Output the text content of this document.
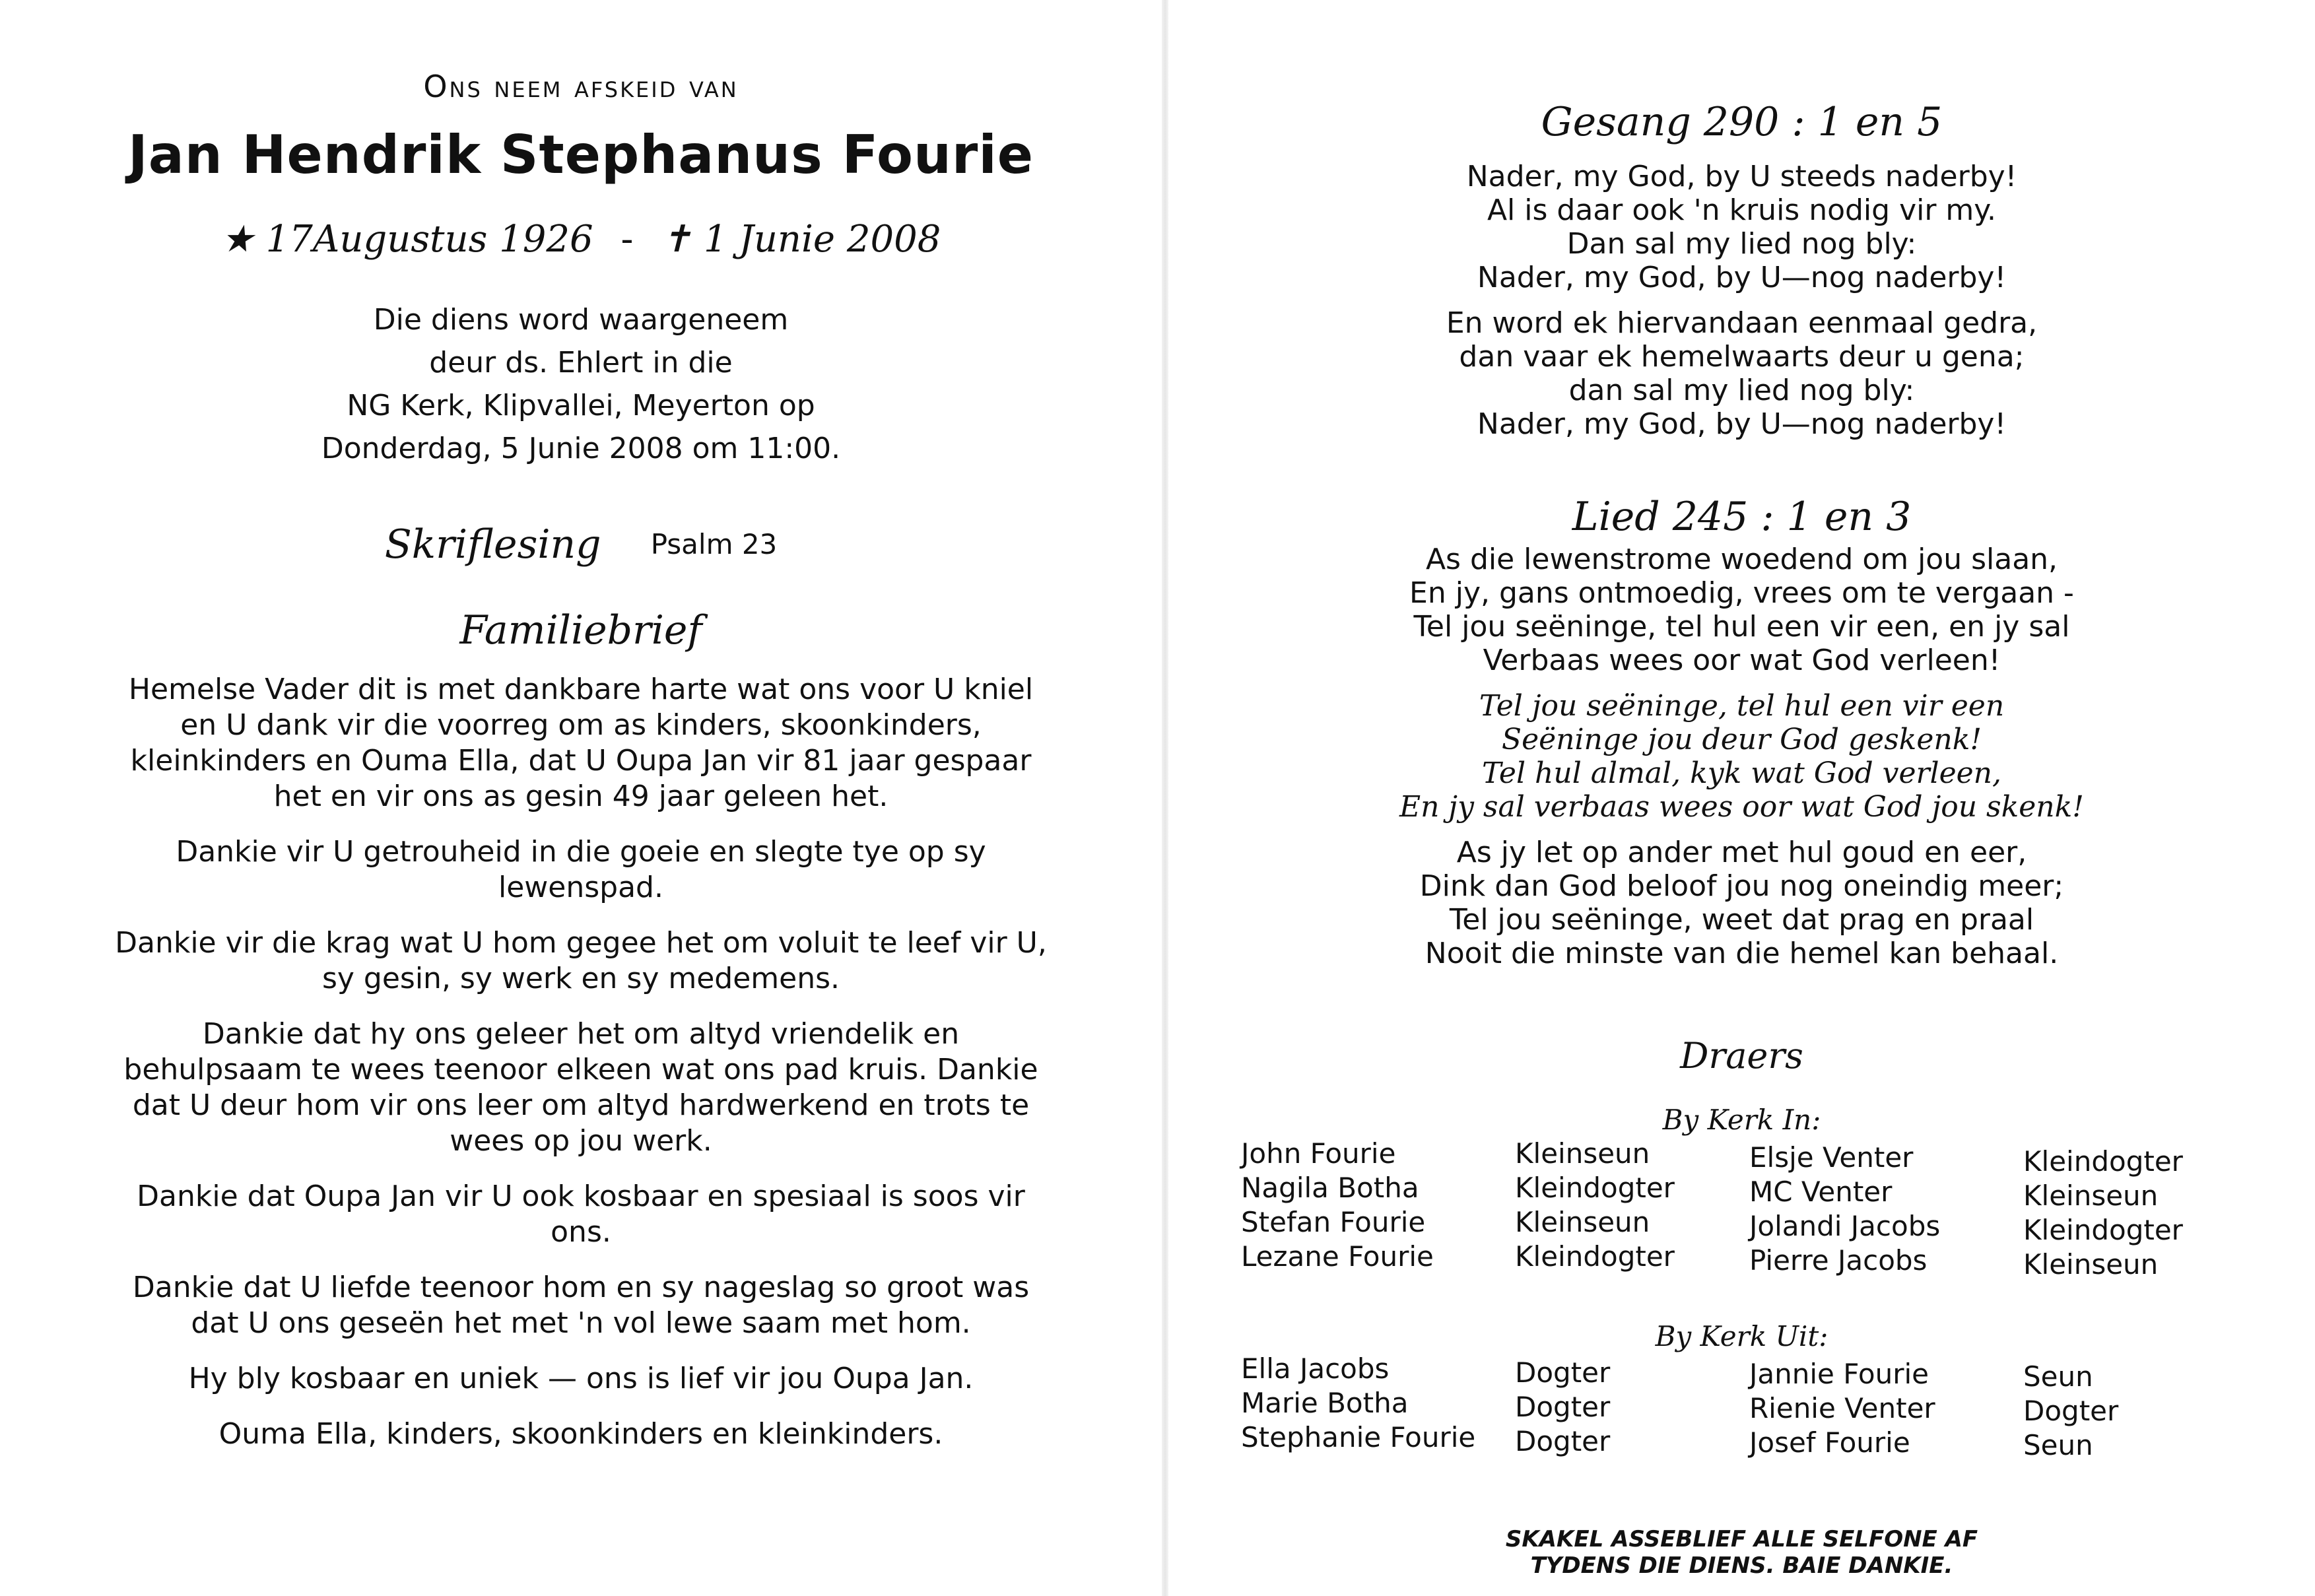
Ons neem afskeid van
Jan Hendrik Stephanus Fourie
★ 17Augustus 1926 - ✝ 1 Junie 2008
Die diens word waargeneem
deur ds. Ehlert in die
NG Kerk, Klipvallei, Meyerton op
Donderdag, 5 Junie 2008 om 11:00.
Skriflesing Psalm 23
Familiebrief

Hemelse Vader dit is met dankbare harte wat ons voor U kniel en U dank vir die voorreg om as kinders, skoonkinders, kleinkinders en Ouma Ella, dat U Oupa Jan vir 81 jaar gespaar het en vir ons as gesin 49 jaar geleen het.

Dankie vir U getrouheid in die goeie en slegte tye op sy lewenspad.

Dankie vir die krag wat U hom gegee het om voluit te leef vir U, sy gesin, sy werk en sy medemens.

Dankie dat hy ons geleer het om altyd vriendelik en behulpsaam te wees teenoor elkeen wat ons pad kruis. Dankie dat U deur hom vir ons leer om altyd hardwerkend en trots te wees op jou werk.

Dankie dat Oupa Jan vir U ook kosbaar en spesiaal is soos vir ons.

Dankie dat U liefde teenoor hom en sy nageslag so groot was dat U ons geseën het met 'n vol lewe saam met hom.

Hy bly kosbaar en uniek — ons is lief vir jou Oupa Jan.

Ouma Ella, kinders, skoonkinders en kleinkinders.

Gesang 290 : 1 en 5
Nader, my God, by U steeds naderby!
Al is daar ook 'n kruis nodig vir my.
Dan sal my lied nog bly:
Nader, my God, by U—nog naderby!
En word ek hiervandaan eenmaal gedra,
dan vaar ek hemelwaarts deur u gena;
dan sal my lied nog bly:
Nader, my God, by U—nog naderby!
Lied 245 : 1 en 3
As die lewenstrome woedend om jou slaan,
En jy, gans ontmoedig, vrees om te vergaan -
Tel jou seëninge, tel hul een vir een, en jy sal
Verbaas wees oor wat God verleen!
Tel jou seëninge, tel hul een vir een
Seëninge jou deur God geskenk!
Tel hul almal, kyk wat God verleen,
En jy sal verbaas wees oor wat God jou skenk!
As jy let op ander met hul goud en eer,
Dink dan God beloof jou nog oneindig meer;
Tel jou seëninge, weet dat prag en praal
Nooit die minste van die hemel kan behaal.
Draers
By Kerk In:
John Fourie
Nagila Botha
Stefan Fourie
Lezane Fourie
Kleinseun
Kleindogter
Kleinseun
Kleindogter
Elsje Venter
MC Venter
Jolandi Jacobs
Pierre Jacobs
Kleindogter
Kleinseun
Kleindogter
Kleinseun
By Kerk Uit:
Ella Jacobs
Marie Botha
Stephanie Fourie
Dogter
Dogter
Dogter
Jannie Fourie
Rienie Venter
Josef Fourie
Seun
Dogter
Seun
SKAKEL ASSEBLIEF ALLE SELFONE AF
TYDENS DIE DIENS. BAIE DANKIE.
